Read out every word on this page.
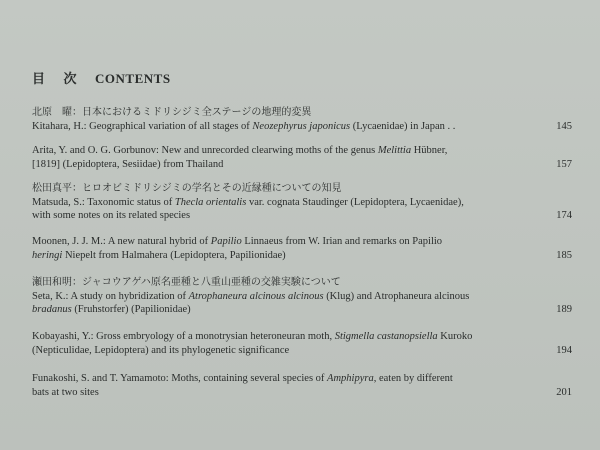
目 次 CONTENTS
北原　曜：日本におけるミドリシジミ全ステージの地理的変異
Kitahara, H.: Geographical variation of all stages of Neozephyrus japonicus (Lycaenidae) in Japan . .	145
Arita, Y. and O. G. Gorbunov: New and unrecorded clearwing moths of the genus Melittia Hübner,
[1819] (Lepidoptera, Sesiidae) from Thailand	157
松田真平：ヒロオビミドリシジミの学名とその近縁種についての知見
Matsuda, S.: Taxonomic status of Thecla orientalis var. cognata Staudinger (Lepidoptera, Lycaenidae),
with some notes on its related species	174
Moonen, J. J. M.: A new natural hybrid of Papilio Linnaeus from W. Irian and remarks on Papilio
heringi Niepelt from Halmahera (Lepidoptera, Papilionidae)	185
瀬田和明：ジャコウアゲハ原名亜種と八重山亜種の交雑実験について
Seta, K.: A study on hybridization of Atrophaneura alcinous alcinous (Klug) and Atrophaneura alcinous
bradanus (Fruhstorfer) (Papilionidae)	189
Kobayashi, Y.: Gross embryology of a monotrysian heteroneuran moth, Stigmella castanopsiella Kuroko
(Nepticulidae, Lepidoptera) and its phylogenetic significance	194
Funakoshi, S. and T. Yamamoto: Moths, containing several species of Amphipyra, eaten by different
bats at two sites	201
